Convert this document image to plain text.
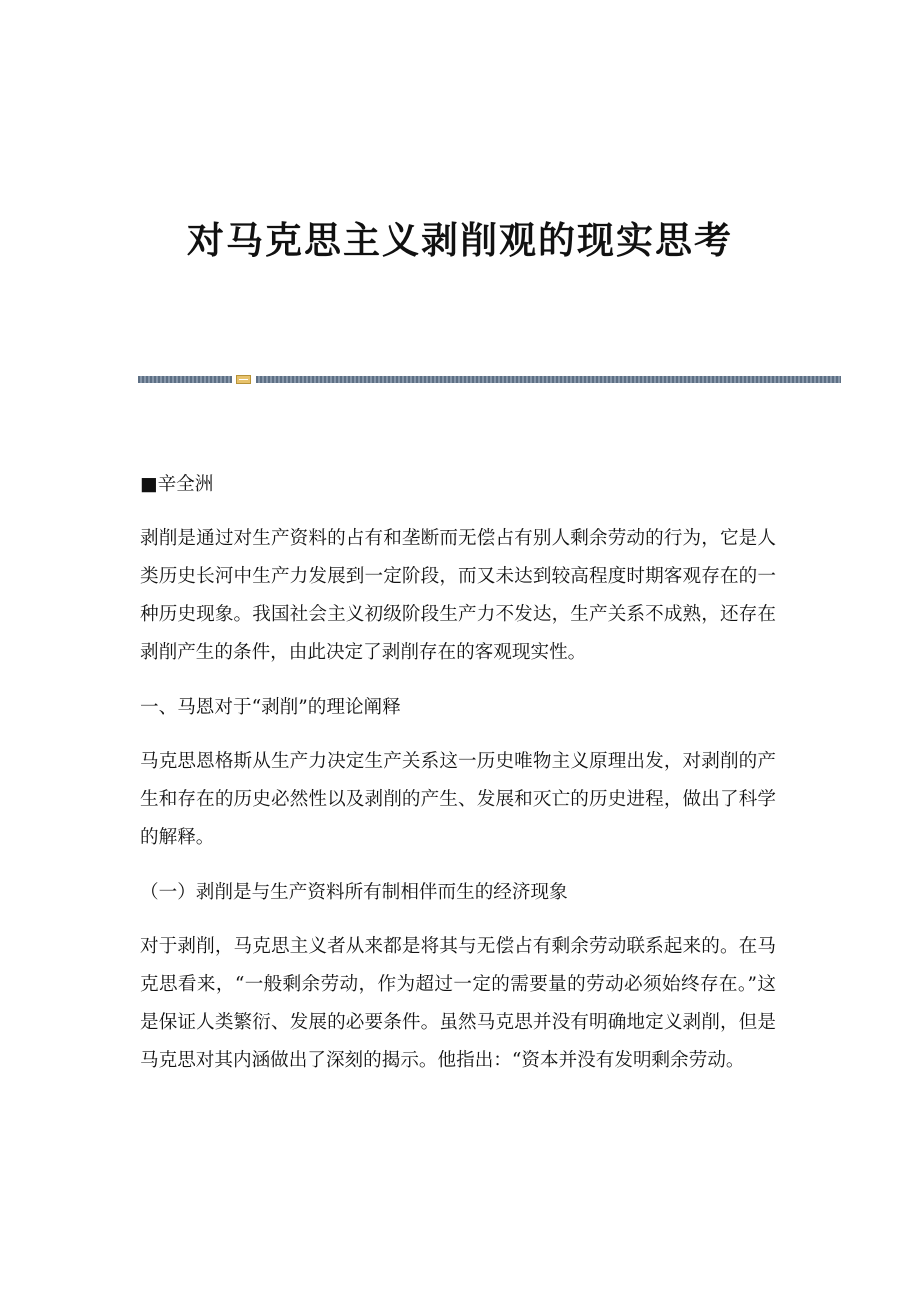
对马克思主义剥削观的现实思考

■辛全洲

剥削是通过对生产资料的占有和垄断而无偿占有别人剩余劳动的行为，它是人类历史长河中生产力发展到一定阶段，而又未达到较高程度时期客观存在的一种历史现象。我国社会主义初级阶段生产力不发达，生产关系不成熟，还存在剥削产生的条件，由此决定了剥削存在的客观现实性。

一、马恩对于“剥削”的理论阐释

马克思恩格斯从生产力决定生产关系这一历史唯物主义原理出发，对剥削的产生和存在的历史必然性以及剥削的产生、发展和灭亡的历史进程，做出了科学的解释。

（一）剥削是与生产资料所有制相伴而生的经济现象

对于剥削，马克思主义者从来都是将其与无偿占有剩余劳动联系起来的。在马克思看来，“一般剩余劳动，作为超过一定的需要量的劳动必须始终存在。”这是保证人类繁衍、发展的必要条件。虽然马克思并没有明确地定义剥削，但是马克思对其内涵做出了深刻的揭示。他指出：“资本并没有发明剩余劳动。
